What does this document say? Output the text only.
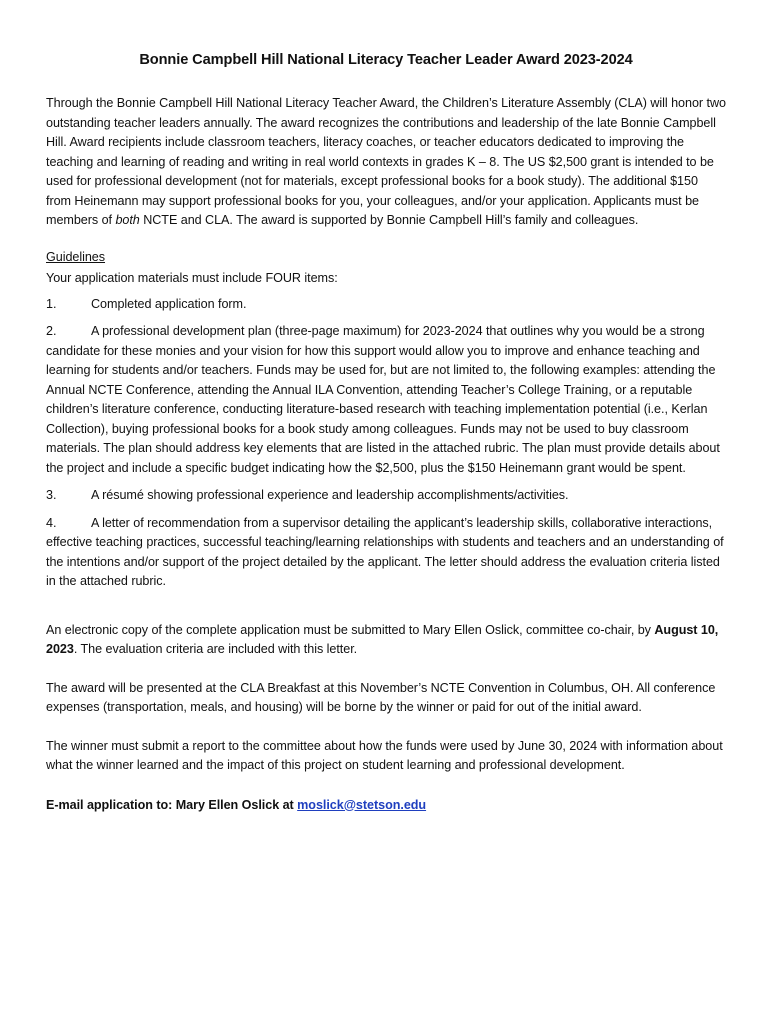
Bonnie Campbell Hill National Literacy Teacher Leader Award 2023-2024

Through the Bonnie Campbell Hill National Literacy Teacher Award, the Children’s Literature Assembly (CLA) will honor two outstanding teacher leaders annually. The award recognizes the contributions and leadership of the late Bonnie Campbell Hill. Award recipients include classroom teachers, literacy coaches, or teacher educators dedicated to improving the teaching and learning of reading and writing in real world contexts in grades K – 8. The US $2,500 grant is intended to be used for professional development (not for materials, except professional books for a book study). The additional $150 from Heinemann may support professional books for you, your colleagues, and/or your application. Applicants must be members of both NCTE and CLA. The award is supported by Bonnie Campbell Hill’s family and colleagues.

Guidelines

Your application materials must include FOUR items:

1.	Completed application form.
2.	A professional development plan (three-page maximum) for 2023-2024 that outlines why you would be a strong candidate for these monies and your vision for how this support would allow you to improve and enhance teaching and learning for students and/or teachers. Funds may be used for, but are not limited to, the following examples: attending the Annual NCTE Conference, attending the Annual ILA Convention, attending Teacher’s College Training, or a reputable children’s literature conference, conducting literature-based research with teaching implementation potential (i.e., Kerlan Collection), buying professional books for a book study among colleagues. Funds may not be used to buy classroom materials. The plan should address key elements that are listed in the attached rubric. The plan must provide details about the project and include a specific budget indicating how the $2,500, plus the $150 Heinemann grant would be spent.
3.	A résumé showing professional experience and leadership accomplishments/activities.
4.	A letter of recommendation from a supervisor detailing the applicant’s leadership skills, collaborative interactions, effective teaching practices, successful teaching/learning relationships with students and teachers and an understanding of the intentions and/or support of the project detailed by the applicant. The letter should address the evaluation criteria listed in the attached rubric.

An electronic copy of the complete application must be submitted to Mary Ellen Oslick, committee co-chair, by August 10, 2023. The evaluation criteria are included with this letter.

The award will be presented at the CLA Breakfast at this November’s NCTE Convention in Columbus, OH. All conference expenses (transportation, meals, and housing) will be borne by the winner or paid for out of the initial award.

The winner must submit a report to the committee about how the funds were used by June 30, 2024 with information about what the winner learned and the impact of this project on student learning and professional development.

E-mail application to: Mary Ellen Oslick at moslick@stetson.edu
